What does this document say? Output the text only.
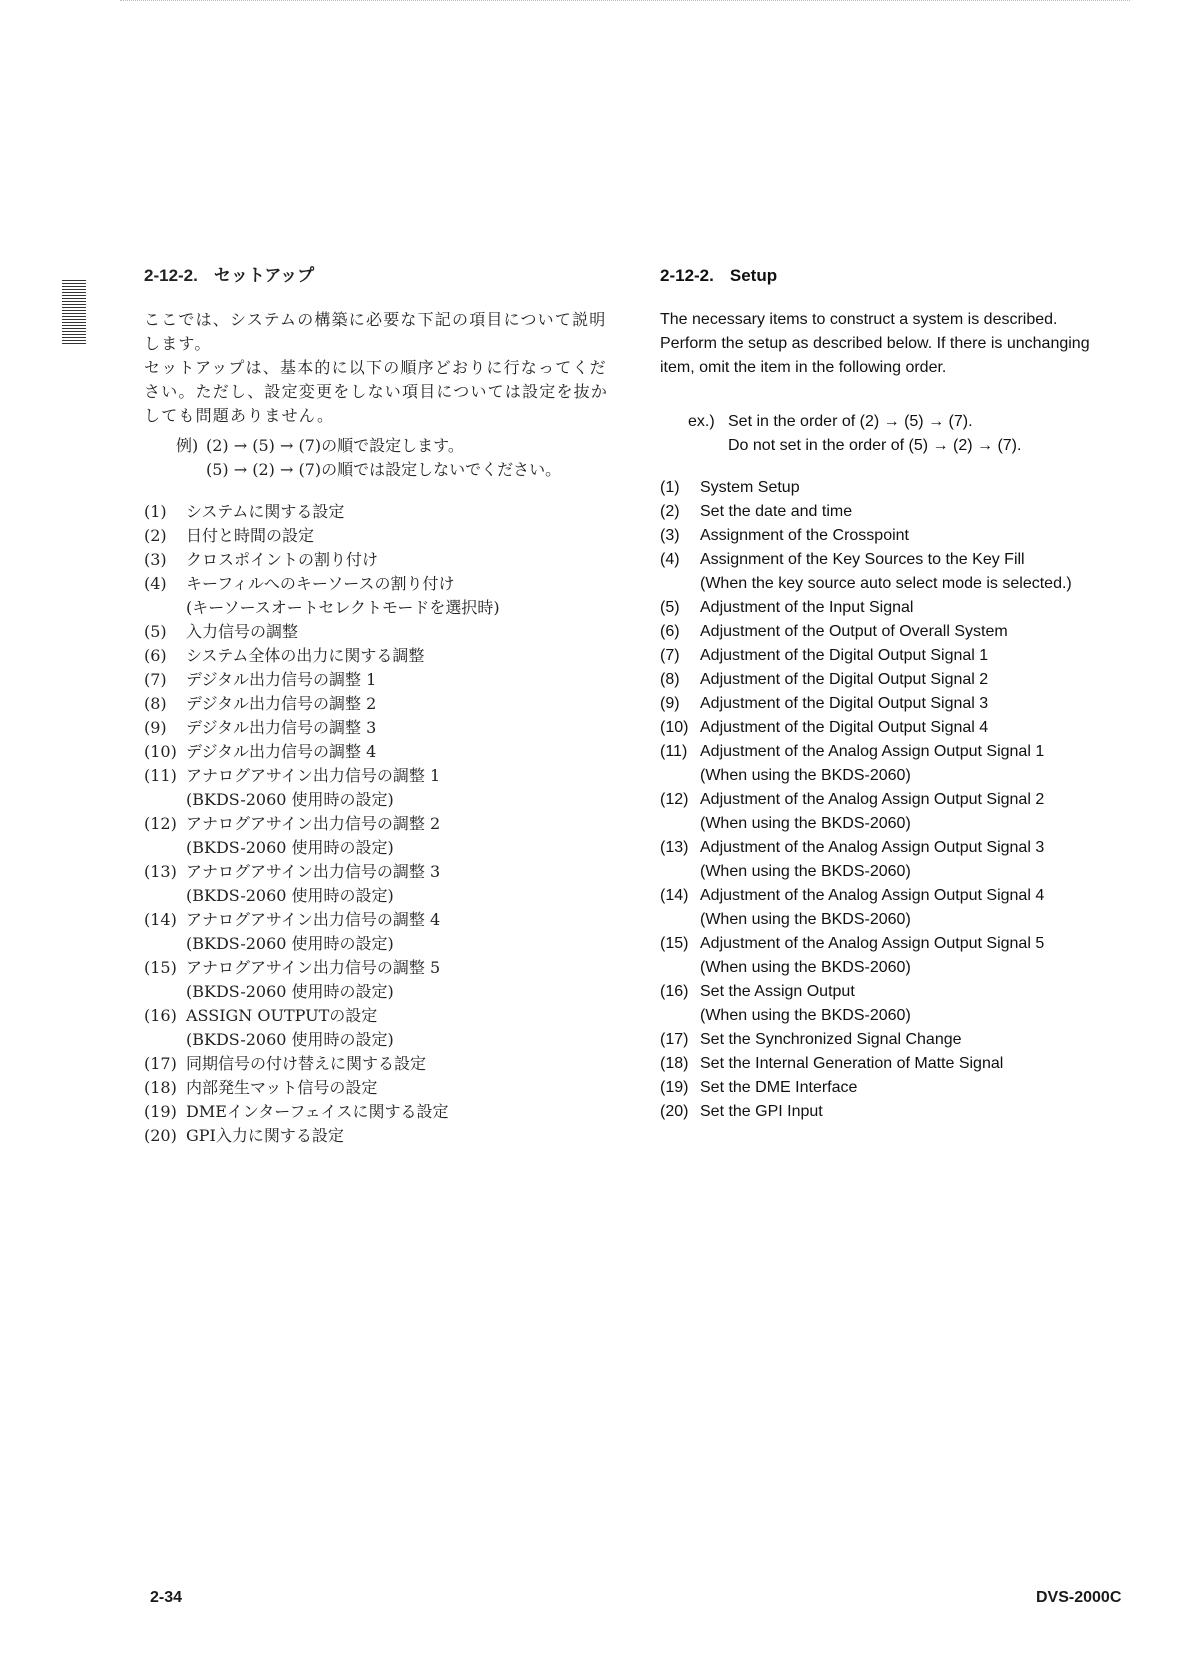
2-12-2. セットアップ
ここでは、システムの構築に必要な下記の項目について説明
します。
セットアップは、基本的に以下の順序どおりに行なってくだ
さい。ただし、設定変更をしない項目については設定を抜か
しても問題ありません。
例) (2) → (5) → (7)の順で設定します。
(5) → (2) → (7)の順では設定しないでください。
(1)	システムに関する設定
(2)	日付と時間の設定
(3)	クロスポイントの割り付け
(4)	キーフィルへのキーソースの割り付け
(キーソースオートセレクトモードを選択時)
(5)	入力信号の調整
(6)	システム全体の出力に関する調整
(7)	デジタル出力信号の調整 1
(8)	デジタル出力信号の調整 2
(9)	デジタル出力信号の調整 3
(10) デジタル出力信号の調整 4
(11) アナログアサイン出力信号の調整 1
(BKDS-2060 使用時の設定)
(12) アナログアサイン出力信号の調整 2
(BKDS-2060 使用時の設定)
(13) アナログアサイン出力信号の調整 3
(BKDS-2060 使用時の設定)
(14) アナログアサイン出力信号の調整 4
(BKDS-2060 使用時の設定)
(15) アナログアサイン出力信号の調整 5
(BKDS-2060 使用時の設定)
(16) ASSIGN OUTPUTの設定
(BKDS-2060 使用時の設定)
(17) 同期信号の付け替えに関する設定
(18) 内部発生マット信号の設定
(19) DMEインターフェイスに関する設定
(20) GPI入力に関する設定
2-12-2. Setup
The necessary items to construct a system is described.
Perform the setup as described below. If there is unchanging
item, omit the item in the following order.
ex.) Set in the order of (2) → (5) → (7).
Do not set in the order of (5) → (2) → (7).
(1)	System Setup
(2)	Set the date and time
(3)	Assignment of the Crosspoint
(4)	Assignment of the Key Sources to the Key Fill
(When the key source auto select mode is selected.)
(5)	Adjustment of the Input Signal
(6)	Adjustment of the Output of Overall System
(7)	Adjustment of the Digital Output Signal 1
(8)	Adjustment of the Digital Output Signal 2
(9)	Adjustment of the Digital Output Signal 3
(10) Adjustment of the Digital Output Signal 4
(11) Adjustment of the Analog Assign Output Signal 1
(When using the BKDS-2060)
(12) Adjustment of the Analog Assign Output Signal 2
(When using the BKDS-2060)
(13) Adjustment of the Analog Assign Output Signal 3
(When using the BKDS-2060)
(14) Adjustment of the Analog Assign Output Signal 4
(When using the BKDS-2060)
(15) Adjustment of the Analog Assign Output Signal 5
(When using the BKDS-2060)
(16) Set the Assign Output
(When using the BKDS-2060)
(17) Set the Synchronized Signal Change
(18) Set the Internal Generation of Matte Signal
(19) Set the DME Interface
(20) Set the GPI Input
2-34	DVS-2000C
